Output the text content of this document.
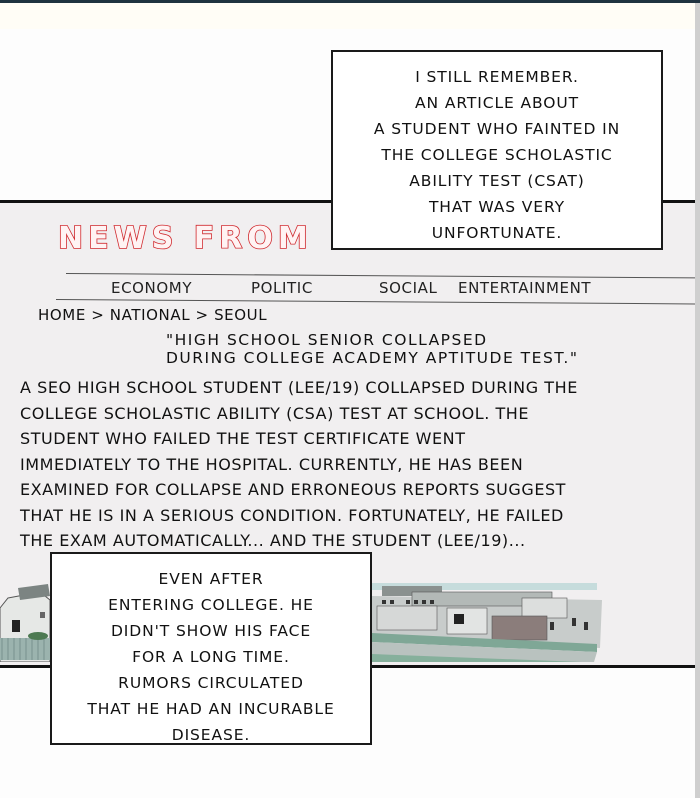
NEWS FROM
ECONOMY	POLITIC	SOCIAL ENTERTAINMENT
HOME > NATIONAL > SEOUL
"HIGH SCHOOL SENIOR COLLAPSED
DURING COLLEGE ACADEMY APTITUDE TEST."
A SEO HIGH SCHOOL STUDENT (LEE/19) COLLAPSED DURING THE
COLLEGE SCHOLASTIC ABILITY (CSA) TEST AT SCHOOL. THE
STUDENT WHO FAILED THE TEST CERTIFICATE WENT
IMMEDIATELY TO THE HOSPITAL. CURRENTLY, HE HAS BEEN
EXAMINED FOR COLLAPSE AND ERRONEOUS REPORTS SUGGEST
THAT HE IS IN A SERIOUS CONDITION. FORTUNATELY, HE FAILED
THE EXAM AUTOMATICALLY... AND THE STUDENT (LEE/19)...
I STILL REMEMBER.
AN ARTICLE ABOUT
A STUDENT WHO FAINTED IN
THE COLLEGE SCHOLASTIC
ABILITY TEST (CSAT)
THAT WAS VERY
UNFORTUNATE.
EVEN AFTER
ENTERING COLLEGE. HE
DIDN'T SHOW HIS FACE
FOR A LONG TIME.
RUMORS CIRCULATED
THAT HE HAD AN INCURABLE
DISEASE.
